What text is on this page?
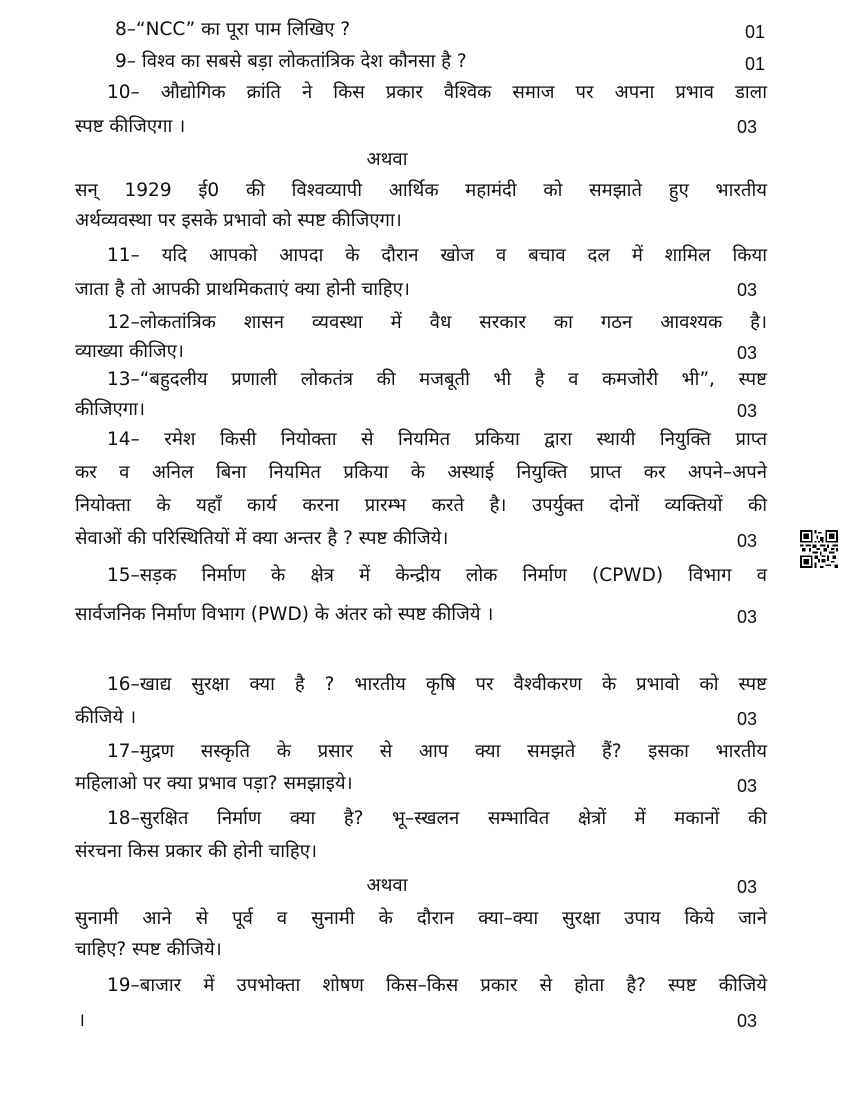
8–“NCC” का पूरा पाम लिखिए ?	01
9– विश्व का सबसे बड़ा लोकतांत्रिक देश कौनसा है ?	01
10– औद्योगिक क्रांति ने किस प्रकार वैश्विक समाज पर अपना प्रभाव डाला
स्पष्ट कीजिएगा ।	03
अथवा
सन् 1929 ई0 की विश्वव्यापी आर्थिक महामंदी को समझाते हुए भारतीय
अर्थव्यवस्था पर इसके प्रभावो को स्पष्ट कीजिएगा।
11– यदि आपको आपदा के दौरान खोज व बचाव दल में शामिल किया
जाता है तो आपकी प्राथमिकताएं क्या होनी चाहिए।	03
12–लोकतांत्रिक शासन व्यवस्था में वैध सरकार का गठन आवश्यक है।
व्याख्या कीजिए।	03
13–“बहुदलीय प्रणाली लोकतंत्र की मजबूती भी है व कमजोरी भी”, स्पष्ट
कीजिएगा।	03
14– रमेश किसी नियोक्ता से नियमित प्रकिया द्वारा स्थायी नियुक्ति प्राप्त
कर व अनिल बिना नियमित प्रकिया के अस्थाई नियुक्ति प्राप्त कर अपने–अपने
नियोक्ता के यहाँ कार्य करना प्रारम्भ करते है। उपर्युक्त दोनों व्यक्तियों की
सेवाओं की परिस्थितियों में क्या अन्तर है ? स्पष्ट कीजिये।	03
15–सड़क निर्माण के क्षेत्र में केन्द्रीय लोक निर्माण (CPWD) विभाग व
सार्वजनिक निर्माण विभाग (PWD) के अंतर को स्पष्ट कीजिये ।	03
16–खाद्य सुरक्षा क्या है ? भारतीय कृषि पर वैश्वीकरण के प्रभावो को स्पष्ट
कीजिये ।	03
17–मुद्रण सस्कृति के प्रसार से आप क्या समझते हैं? इसका भारतीय
महिलाओ पर क्या प्रभाव पड़ा? समझाइये।	03
18–सुरक्षित निर्माण क्या है? भू–स्खलन सम्भावित क्षेत्रों में मकानों की
संरचना किस प्रकार की होनी चाहिए।
अथवा	03
सुनामी आने से पूर्व व सुनामी के दौरान क्या–क्या सुरक्षा उपाय किये जाने
चाहिए? स्पष्ट कीजिये।
19–बाजार में उपभोक्ता शोषण किस–किस प्रकार से होता है? स्पष्ट कीजिये
।	03
